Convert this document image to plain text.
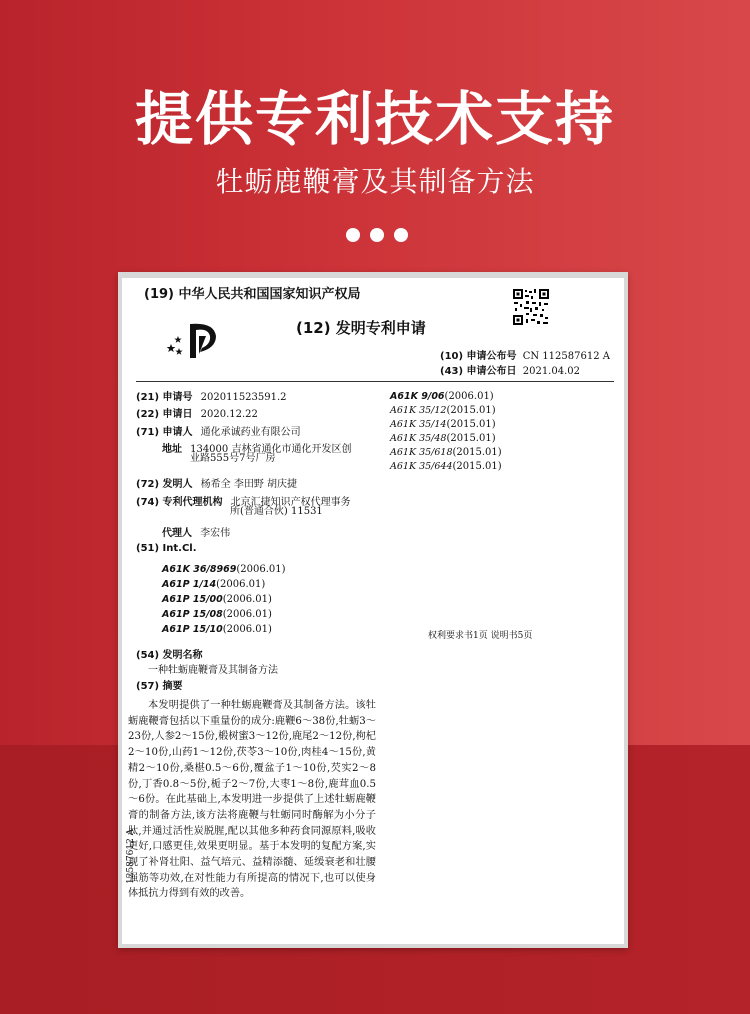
提供专利技术支持
牡蛎鹿鞭膏及其制备方法
(19) 中华人民共和国国家知识产权局
(12) 发明专利申请
(10) 申请公布号 CN 112587612 A
(43) 申请公布日 2021.04.02
(21) 申请号 202011523591.2
(22) 申请日 2020.12.22
(71) 申请人 通化承诚药业有限公司
地址 134000 吉林省通化市通化开发区创
业路555号7号厂房
(72) 发明人 杨希全 李田野 胡庆捷
(74) 专利代理机构 北京汇捷知识产权代理事务
所(普通合伙) 11531
代理人 李宏伟
(51) Int.Cl.
A61K 36/8969(2006.01)
A61P 1/14(2006.01)
A61P 15/00(2006.01)
A61P 15/08(2006.01)
A61P 15/10(2006.01)
A61K 9/06(2006.01)
A61K 35/12(2015.01)
A61K 35/14(2015.01)
A61K 35/48(2015.01)
A61K 35/618(2015.01)
A61K 35/644(2015.01)
权利要求书1页 说明书5页
(54) 发明名称
一种牡蛎鹿鞭膏及其制备方法
(57) 摘要
本发明提供了一种牡蛎鹿鞭膏及其制备方法。该牡蛎鹿鞭膏包括以下重量份的成分:鹿鞭6～38份,牡蛎3～23份,人参2～15份,椴树蜜3～12份,鹿尾2～12份,枸杞2～10份,山药1～12份,茯苓3～10份,肉桂4～15份,黄精2～10份,桑椹0.5～6份,覆盆子1～10份,芡实2～8份,丁香0.8～5份,栀子2～7份,大枣1～8份,鹿茸血0.5～6份。在此基础上,本发明进一步提供了上述牡蛎鹿鞭膏的制备方法,该方法将鹿鞭与牡蛎同时酶解为小分子肽,并通过活性炭脱腥,配以其他多种药食同源原料,吸收更好,口感更佳,效果更明显。基于本发明的复配方案,实现了补肾壮阳、益气培元、益精添髓、延缓衰老和壮腰强筋等功效,在对性能力有所提高的情况下,也可以使身体抵抗力得到有效的改善。
12587612 A
